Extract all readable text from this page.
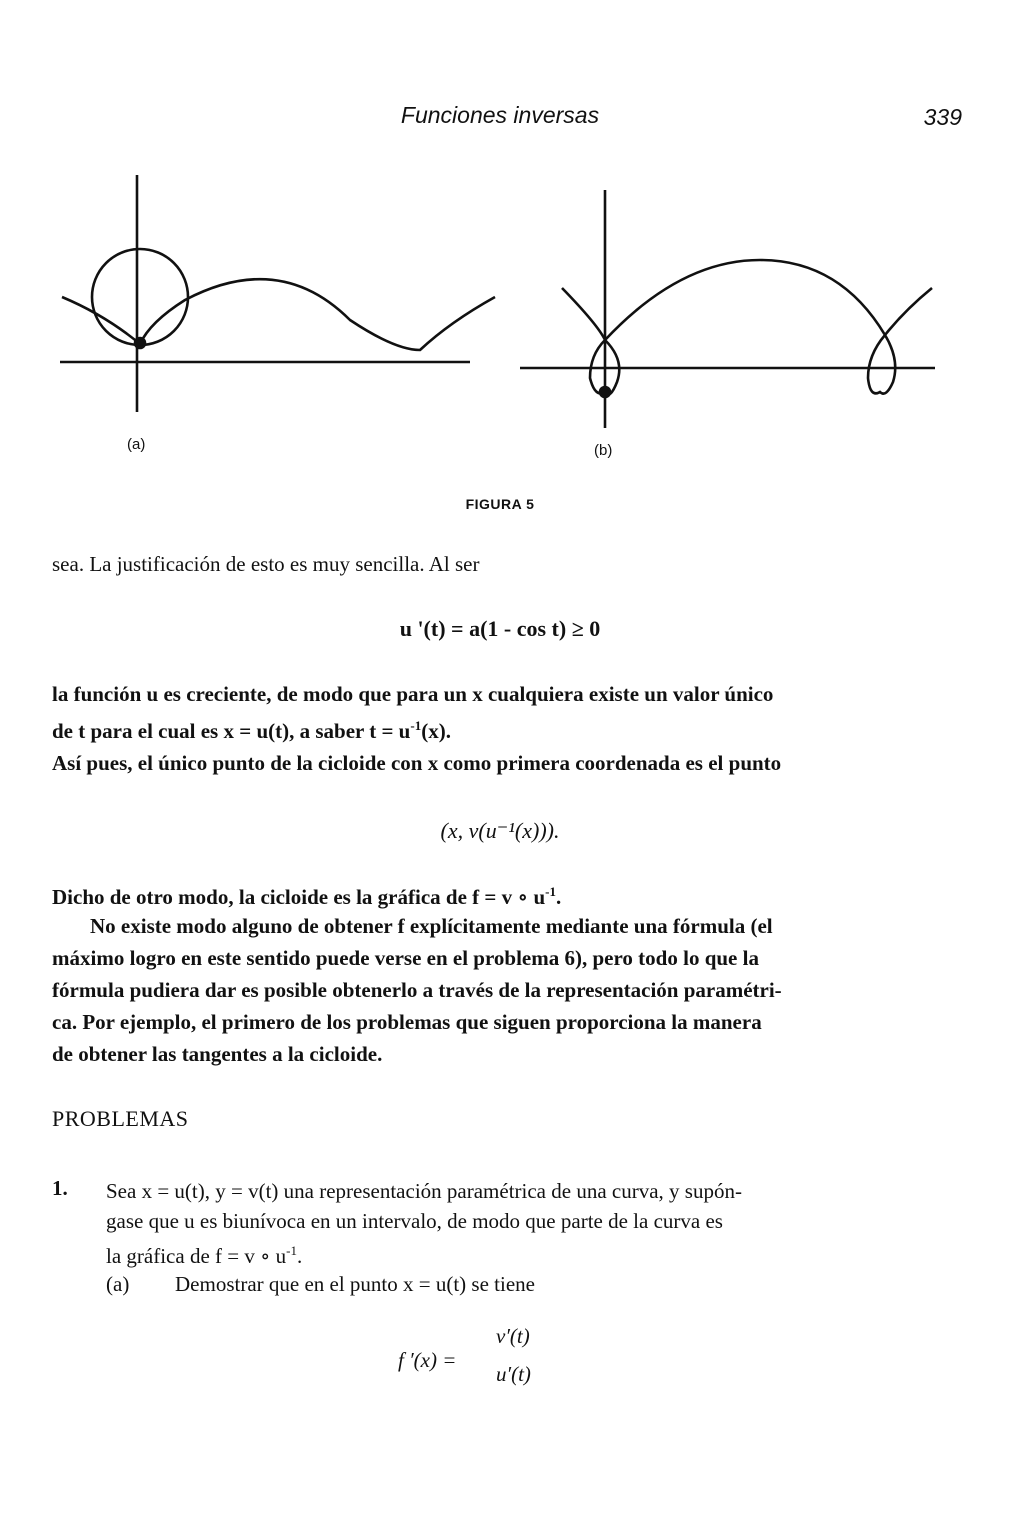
Funciones inversas	339
(a)	(b)
FIGURA 5
sea. La justificación de esto es muy sencilla. Al ser
u '(t) = a(1 - cos t) ≥ 0
la función u es creciente, de modo que para un x cualquiera existe un valor único
de t para el cual es x = u(t), a saber $t = u^{-1}(x)$.
Así pues, el único punto de la cicloide con x como primera coordenada es el punto
(x, v(u⁻¹(x))).
Dicho de otro modo, la cicloide es la gráfica de f = v ∘ $u^{-1}$.
No existe modo alguno de obtener f explícitamente mediante una fórmula (el
máximo logro en este sentido puede verse en el problema 6), pero todo lo que la
fórmula pudiera dar es posible obtenerlo a través de la representación paramétri-
ca. Por ejemplo, el primero de los problemas que siguen proporciona la manera
de obtener las tangentes a la cicloide.
PROBLEMAS
1. Sea x = u(t), y = v(t) una representación paramétrica de una curva, y supón-
gase que u es biunívoca en un intervalo, de modo que parte de la curva es
la gráfica de f = v ∘ $u^{-1}$.
(a) Demostrar que en el punto x = u(t) se tiene
f ′(x) =
v′(t)
u′(t)
